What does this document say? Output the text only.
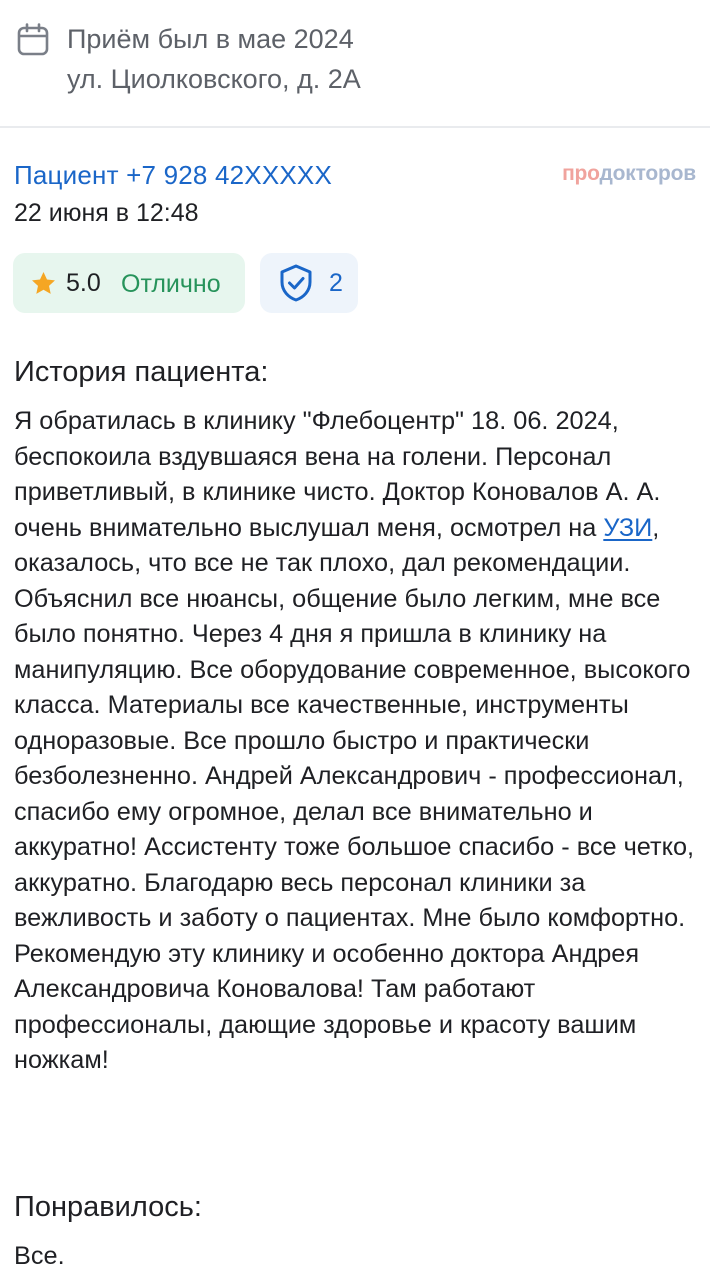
Приём был в мае 2024
ул. Циолковского, д. 2А
Пациент +7 928 42XXXXX
22 июня в 12:48
продокторов
5.0 Отлично	2
История пациента:
Я обратилась в клинику "Флебоцентр" 18. 06. 2024, беспокоила вздувшаяся вена на голени. Персонал приветливый, в клинике чисто. Доктор Коновалов А. А. очень внимательно выслушал меня, осмотрел на УЗИ, оказалось, что все не так плохо, дал рекомендации. Объяснил все нюансы, общение было легким, мне все было понятно. Через 4 дня я пришла в клинику на манипуляцию. Все оборудование современное, высокого класса. Материалы все качественные, инструменты одноразовые. Все прошло быстро и практически безболезненно. Андрей Александрович - профессионал, спасибо ему огромное, делал все внимательно и аккуратно! Ассистенту тоже большое спасибо - все четко, аккуратно. Благодарю весь персонал клиники за вежливость и заботу о пациентах. Мне было комфортно. Рекомендую эту клинику и особенно доктора Андрея Александровича Коновалова! Там работают профессионалы, дающие здоровье и красоту вашим ножкам!
Понравилось:
Все.
